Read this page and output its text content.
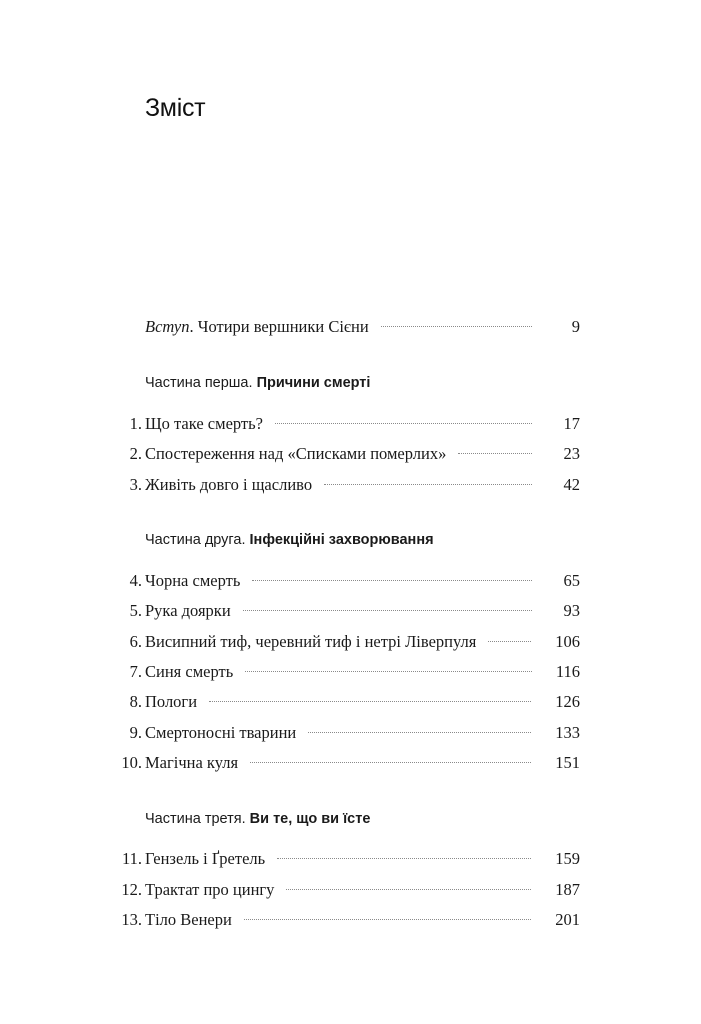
Зміст
Вступ. Чотири вершники Сієни	9
Частина перша. Причини смерті
1. Що таке смерть?	17
2. Спостереження над «Списками померлих»	23
3. Живіть довго і щасливо	42
Частина друга. Інфекційні захворювання
4. Чорна смерть	65
5. Рука доярки	93
6. Висипний тиф, черевний тиф і нетрі Ліверпуля	106
7. Синя смерть	116
8. Пологи	126
9. Смертоносні тварини	133
10. Магічна куля	151
Частина третя. Ви те, що ви їсте
11. Гензель і Ґретель	159
12. Трактат про цингу	187
13. Тіло Венери	201
